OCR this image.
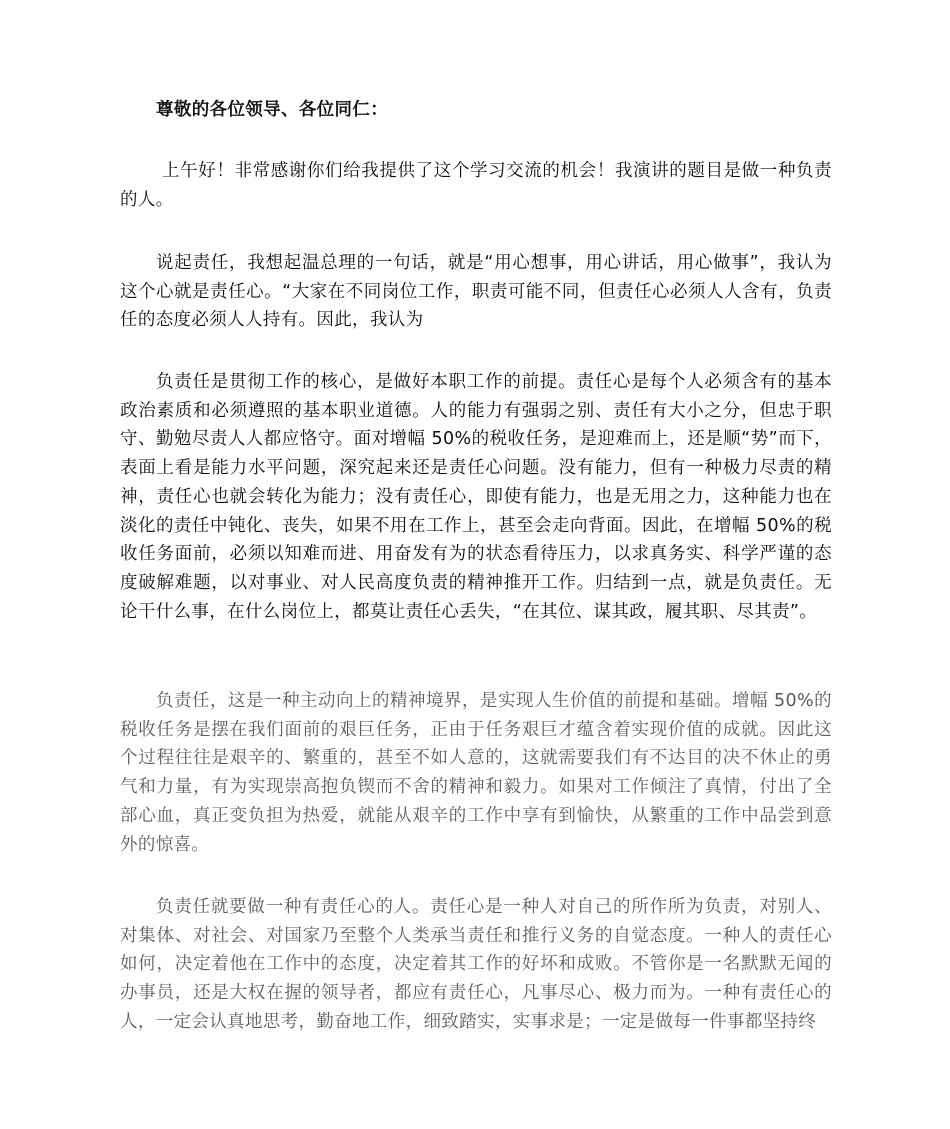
尊敬的各位领导、各位同仁：

上午好！非常感谢你们给我提供了这个学习交流的机会！我演讲的题目是做一种负责的人。

说起责任，我想起温总理的一句话，就是“用心想事，用心讲话，用心做事”，我认为这个心就是责任心。“大家在不同岗位工作，职责可能不同，但责任心必须人人含有，负责任的态度必须人人持有。因此，我认为

负责任是贯彻工作的核心，是做好本职工作的前提。责任心是每个人必须含有的基本政治素质和必须遵照的基本职业道德。人的能力有强弱之别、责任有大小之分，但忠于职守、勤勉尽责人人都应恪守。面对增幅 50%的税收任务，是迎难而上，还是顺“势”而下，表面上看是能力水平问题，深究起来还是责任心问题。没有能力，但有一种极力尽责的精神，责任心也就会转化为能力；没有责任心，即使有能力，也是无用之力，这种能力也在淡化的责任中钝化、丧失，如果不用在工作上，甚至会走向背面。因此，在增幅 50%的税收任务面前，必须以知难而进、用奋发有为的状态看待压力，以求真务实、科学严谨的态度破解难题，以对事业、对人民高度负责的精神推开工作。归结到一点，就是负责任。无论干什么事，在什么岗位上，都莫让责任心丢失，“在其位、谋其政，履其职、尽其责”。

负责任，这是一种主动向上的精神境界，是实现人生价值的前提和基础。增幅 50%的税收任务是摆在我们面前的艰巨任务，正由于任务艰巨才蕴含着实现价值的成就。因此这个过程往往是艰辛的、繁重的，甚至不如人意的，这就需要我们有不达目的决不休止的勇气和力量，有为实现崇高抱负锲而不舍的精神和毅力。如果对工作倾注了真情，付出了全部心血，真正变负担为热爱，就能从艰辛的工作中享有到愉快，从繁重的工作中品尝到意外的惊喜。

负责任就要做一种有责任心的人。责任心是一种人对自己的所作所为负责，对别人、对集体、对社会、对国家乃至整个人类承当责任和推行义务的自觉态度。一种人的责任心如何，决定着他在工作中的态度，决定着其工作的好坏和成败。不管你是一名默默无闻的办事员，还是大权在握的领导者，都应有责任心，凡事尽心、极力而为。一种有责任心的人，一定会认真地思考，勤奋地工作，细致踏实，实事求是；一定是做每一件事都坚持终
